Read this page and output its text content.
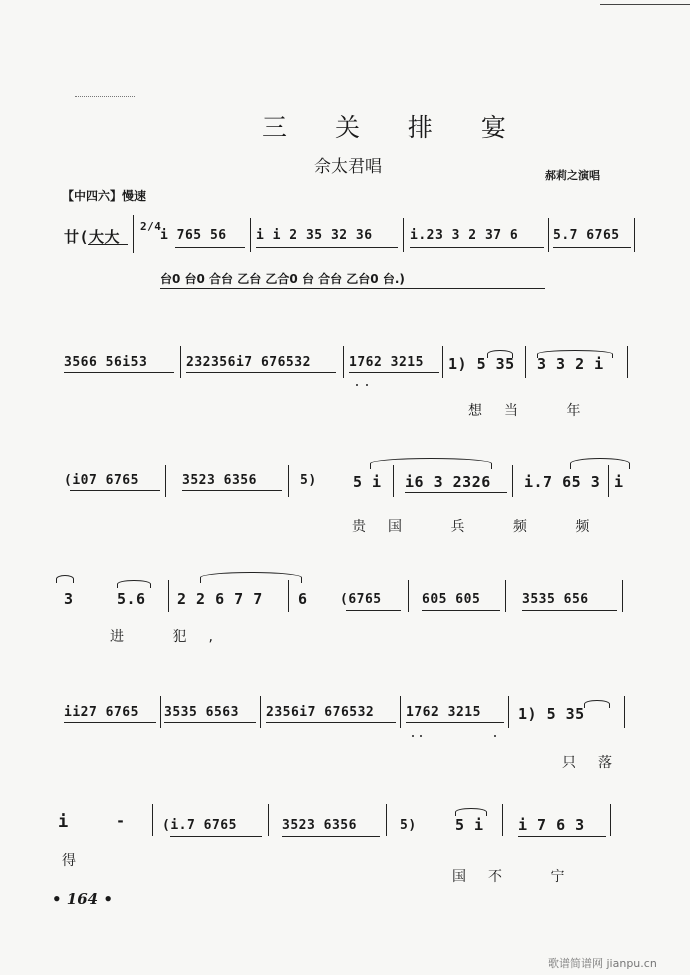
三 关 排 宴
佘太君唱	郝莉之演唱
【中四六】慢速
廿(大大
2/4
i 765 56 i i 2 35 32 36	i.23 3 2 37 6	5.7 6765
台0 台0 合台 乙台 乙合0 台 合台 乙台0 台.)
3566 56i53	232356i7 676532	1762 3215 1) 5 35 3 3 2 i
想当 年
(i07 6765	3523 6356	5) 5 i i6 3 2326 i.7 65 3 i
贵国 兵 频 频
3	5.6 2 2 6 7 7 6 (6765	605 605	3535 656
进 犯,
ii27 6765 3535 6563 2356i7 676532 1762 3215 1) 5 35
只落
i	-	(i.7 6765	3523 6356	5)	5 i i 7 6 3
得
国不 宁
• 164 •
歌谱简谱网 jianpu.cn
